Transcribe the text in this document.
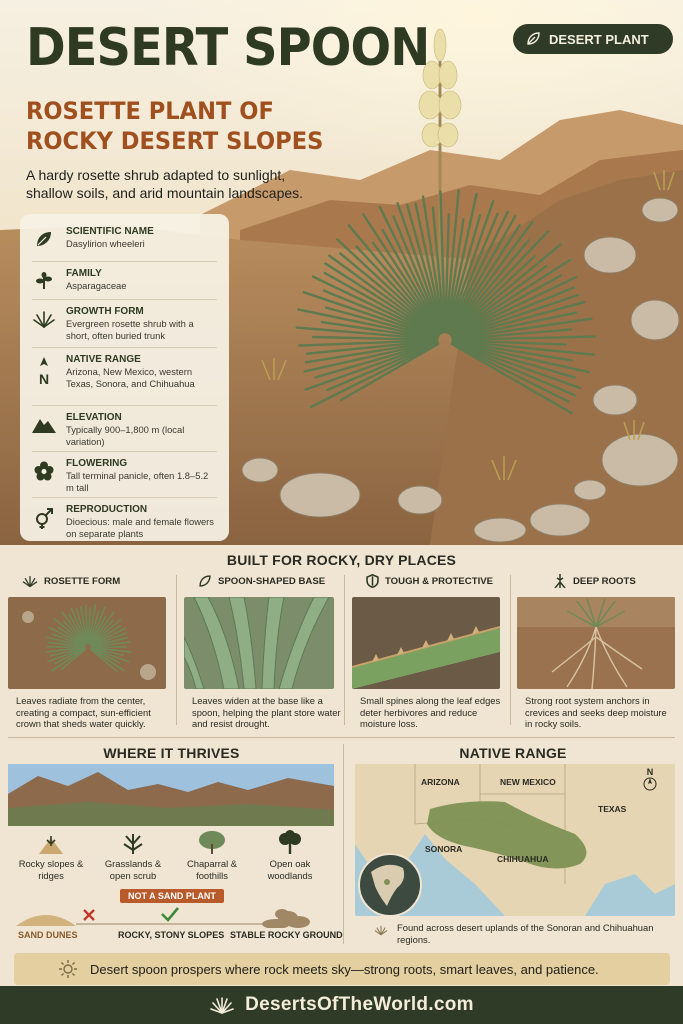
DESERT SPOON
ROSETTE PLANT OF ROCKY DESERT SLOPES
A hardy rosette shrub adapted to sunlight, shallow soils, and arid mountain landscapes.
DESERT PLANT
SCIENTIFIC NAME
Dasylirion wheeleri
FAMILY
Asparagaceae
GROWTH FORM
Evergreen rosette shrub with a short, often buried trunk
N
NATIVE RANGE
Arizona, New Mexico, western Texas, Sonora, and Chihuahua
ELEVATION
Typically 900–1,800 m (local variation)
FLOWERING
Tall terminal panicle, often 1.8–5.2 m tall
REPRODUCTION
Dioecious: male and female flowers on separate plants
BUILT FOR ROCKY, DRY PLACES
ROSETTE FORM
Leaves radiate from the center, creating a compact, sun-efficient crown that sheds water quickly.
SPOON-SHAPED BASE
Leaves widen at the base like a spoon, helping the plant store water and resist drought.
TOUGH & PROTECTIVE
Small spines along the leaf edges deter herbivores and reduce moisture loss.
DEEP ROOTS
Strong root system anchors in crevices and seeks deep moisture in rocky soils.
WHERE IT THRIVES
Rocky slopes & ridges
Grasslands & open scrub
Chaparral & foothills
Open oak woodlands
NOT A SAND PLANT
SAND DUNES	ROCKY, STONY SLOPES STABLE ROCKY GROUND
NATIVE RANGE
ARIZONA	NEW MEXICO
TEXAS
SONORA
CHIHUAHUA
N
Found across desert uplands of the Sonoran and Chihuahuan regions.
Desert spoon prospers where rock meets sky—strong roots, smart leaves, and patience.
DesertsOfTheWorld.com
